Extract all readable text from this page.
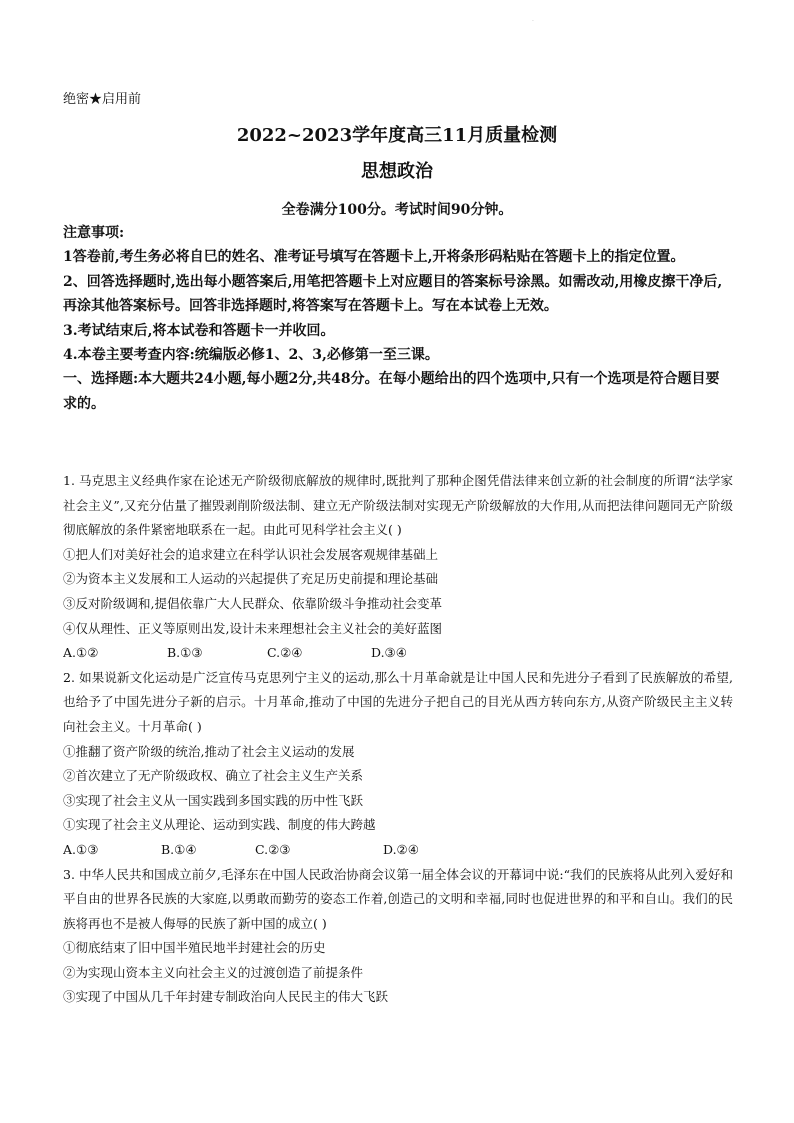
·
绝密★启用前
2022~2023学年度高三11月质量检测
思想政治
全卷满分100分。考试时间90分钟。

注意事项:

1答卷前,考生务必将自巳的姓名、准考证号填写在答题卡上,开将条形码粘贴在答题卡上的指定位置。

2、回答选择题时,选出每小题答案后,用笔把答题卡上对应题目的答案标号涂黑。如需改动,用橡皮擦干净后,再涂其他答案标号。回答非选择题时,将答案写在答题卡上。写在本试卷上无效。

3.考试结束后,将本试卷和答题卡一并收回。

4.本卷主要考查内容:统编版必修1、2、3,必修第一至三课。

一、选择题:本大题共24小题,每小题2分,共48分。在每小题给出的四个选项中,只有一个选项是符合题目要求的。

1. 马克思主义经典作家在论述无产阶级彻底解放的规律时,既批判了那种企图凭借法律来创立新的社会制度的所谓“法学家社会主义”,又充分估量了摧毁剥削阶级法制、建立无产阶级法制对实现无产阶级解放的大作用,从而把法律问题同无产阶级彻底解放的条件紧密地联系在一起。由此可见科学社会主义( )

①把人们对美好社会的追求建立在科学认识社会发展客观规律基础上

②为资本主义发展和工人运动的兴起提供了充足历史前提和理论基础

③反对阶级调和,提倡依靠广大人民群众、依靠阶级斗争推动社会变革

④仅从理性、正义等原则出发,设计未来理想社会主义社会的美好蓝图

A.①②	B.①③	C.②④	D.③④

2. 如果说新文化运动是广泛宣传马克思列宁主义的运动,那么十月革命就是让中国人民和先进分子看到了民族解放的希望,也给予了中国先进分子新的启示。十月革命,推动了中国的先进分子把自己的目光从西方转向东方,从资产阶级民主主义转向社会主义。十月革命( )

①推翻了资产阶级的统治,推动了社会主义运动的发展

②首次建立了无产阶级政权、确立了社会主义生产关系

③实现了社会主义从一国实践到多国实践的历中性飞跃

①实现了社会主义从理论、运动到实践、制度的伟大跨越

A.①③	B.①④	C.②③	D.②④

3. 中华人民共和国成立前夕,毛泽东在中国人民政治协商会议第一届全体会议的开幕词中说:“我们的民族将从此列入爱好和平自由的世界各民族的大家庭,以勇敢而勤劳的姿态工作着,创造己的文明和幸福,同时也促进世界的和平和自山。我们的民族将再也不是被人侮辱的民族了新中国的成立( )

①彻底结束了旧中国半殖民地半封建社会的历史

②为实现山资本主义向社会主义的过渡创造了前提条件

③实现了中国从几千年封建专制政治向人民民主的伟大飞跃
